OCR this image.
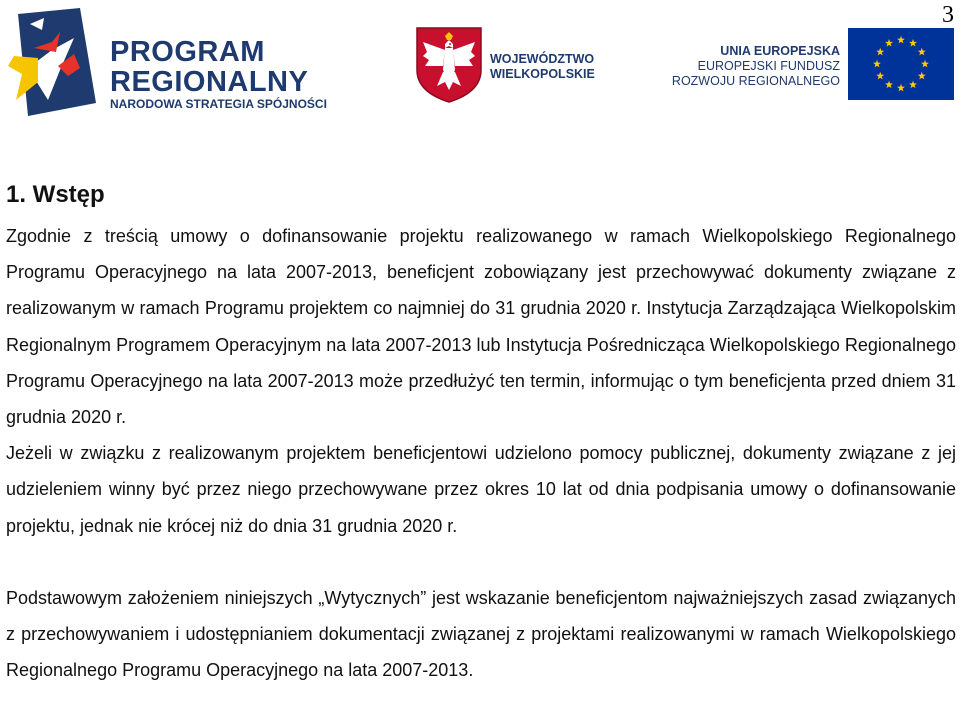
3
PROGRAM
REGIONALNY
NARODOWA STRATEGIA SPÓJNOŚCI
WOJEWÓDZTWO
WIELKOPOLSKIE
UNIA EUROPEJSKA
EUROPEJSKI FUNDUSZ
ROZWOJU REGIONALNEGO
1. Wstęp

Zgodnie z treścią umowy o dofinansowanie projektu realizowanego w ramach Wielkopolskiego Regionalnego Programu Operacyjnego na lata 2007-2013, beneficjent zobowiązany jest przechowywać dokumenty związane z realizowanym w ramach Programu projektem co najmniej do 31 grudnia 2020 r. Instytucja Zarządzająca Wielkopolskim Regionalnym Programem Operacyjnym na lata 2007-2013 lub Instytucja Pośrednicząca Wielkopolskiego Regionalnego Programu Operacyjnego na lata 2007-2013 może przedłużyć ten termin, informując o tym beneficjenta przed dniem 31 grudnia 2020 r.

Jeżeli w związku z realizowanym projektem beneficjentowi udzielono pomocy publicznej, dokumenty związane z jej udzieleniem winny być przez niego przechowywane przez okres 10 lat od dnia podpisania umowy o dofinansowanie projektu, jednak nie krócej niż do dnia 31 grudnia 2020 r.

Podstawowym założeniem niniejszych „Wytycznych” jest wskazanie beneficjentom najważniejszych zasad związanych z przechowywaniem i udostępnianiem dokumentacji związanej z projektami realizowanymi w ramach Wielkopolskiego Regionalnego Programu Operacyjnego na lata 2007-2013.
